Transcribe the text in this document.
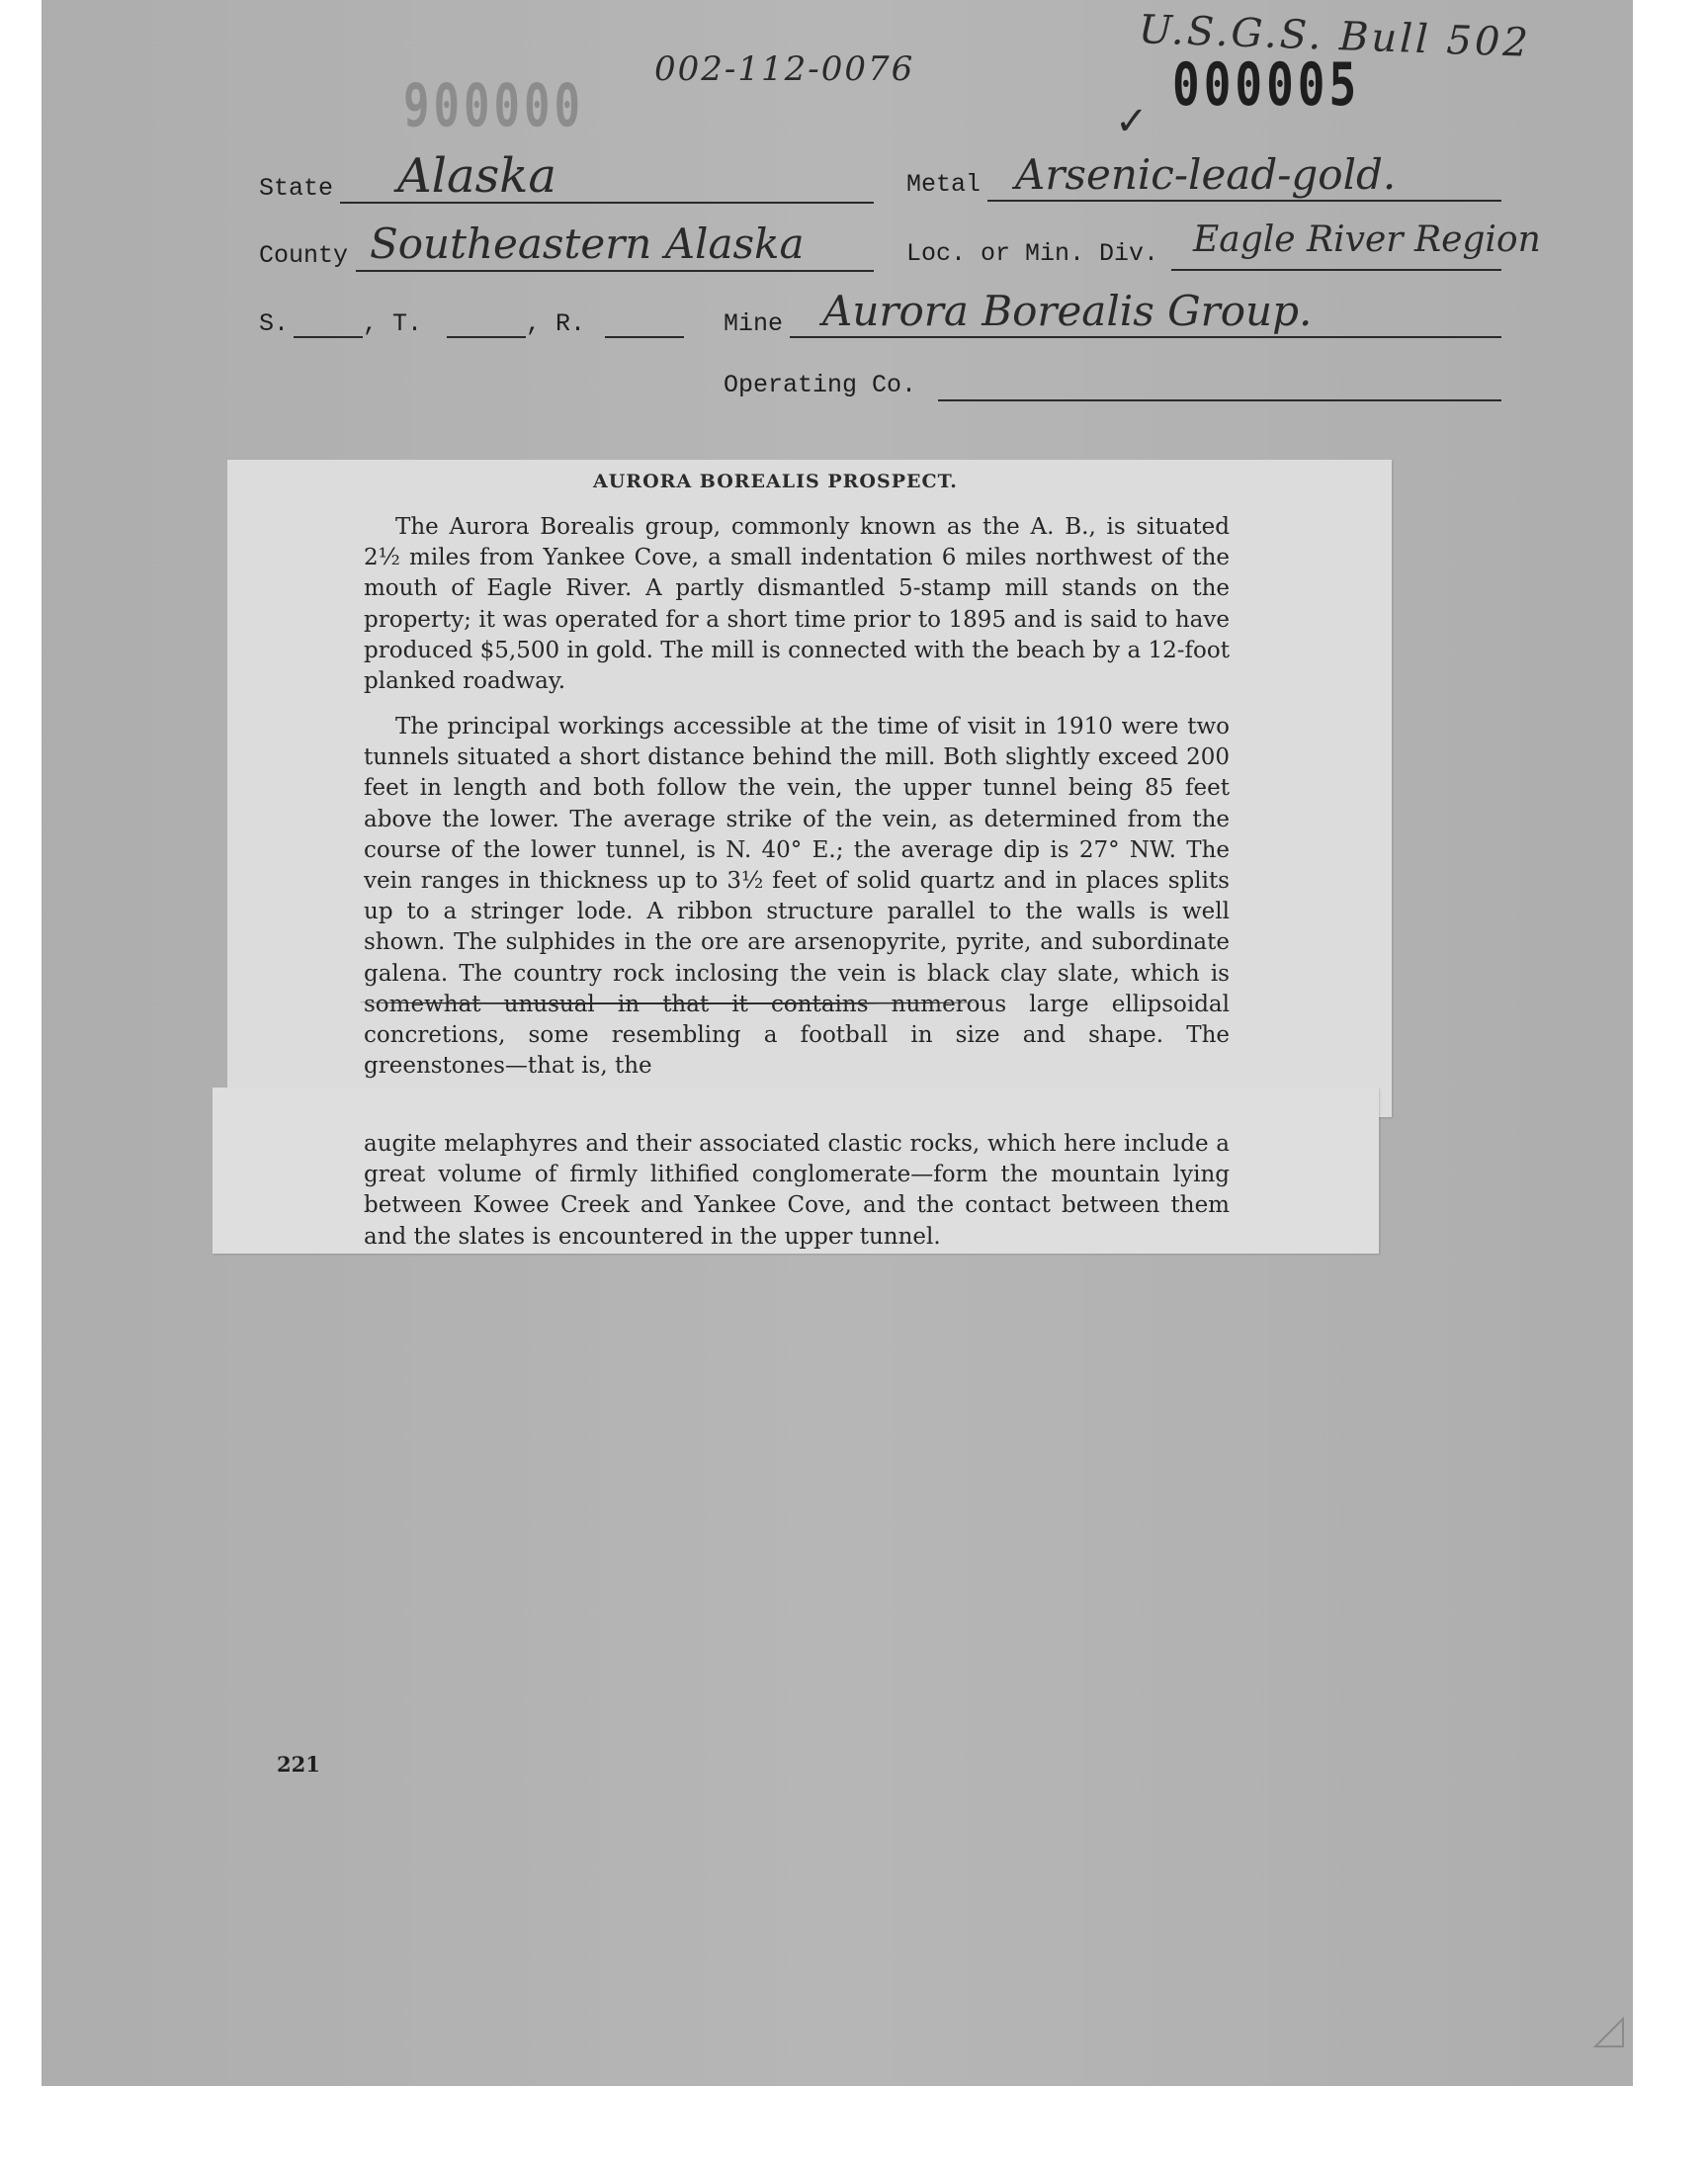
002-112-0076
U.S.G.S. Bull 502
000006	000005
✓
State Alaska	Metal Arsenic-lead-gold.
County Southeastern Alaska	Loc. or Min. Div. Eagle River Region
S.	, T.	, R.	Mine Aurora Borealis Group.
Operating Co.
AURORA BOREALIS PROSPECT.

The Aurora Borealis group, commonly known as the A. B., is situated 2½ miles from Yankee Cove, a small indentation 6 miles northwest of the mouth of Eagle River. A partly dismantled 5-stamp mill stands on the property; it was operated for a short time prior to 1895 and is said to have produced $5,500 in gold. The mill is connected with the beach by a 12-foot planked roadway.

The principal workings accessible at the time of visit in 1910 were two tunnels situated a short distance behind the mill. Both slightly exceed 200 feet in length and both follow the vein, the upper tunnel being 85 feet above the lower. The average strike of the vein, as determined from the course of the lower tunnel, is N. 40° E.; the average dip is 27° NW. The vein ranges in thickness up to 3½ feet of solid quartz and in places splits up to a stringer lode. A ribbon structure parallel to the walls is well shown. The sulphides in the ore are arsenopyrite, pyrite, and subordinate galena. The country rock inclosing the vein is black clay slate, which is somewhat unusual in that it contains numerous large ellipsoidal concretions, some resembling a football in size and shape. The greenstones—that is, the

augite melaphyres and their associated clastic rocks, which here include a great volume of firmly lithified conglomerate—form the mountain lying between Kowee Creek and Yankee Cove, and the contact between them and the slates is encountered in the upper tunnel.

221
